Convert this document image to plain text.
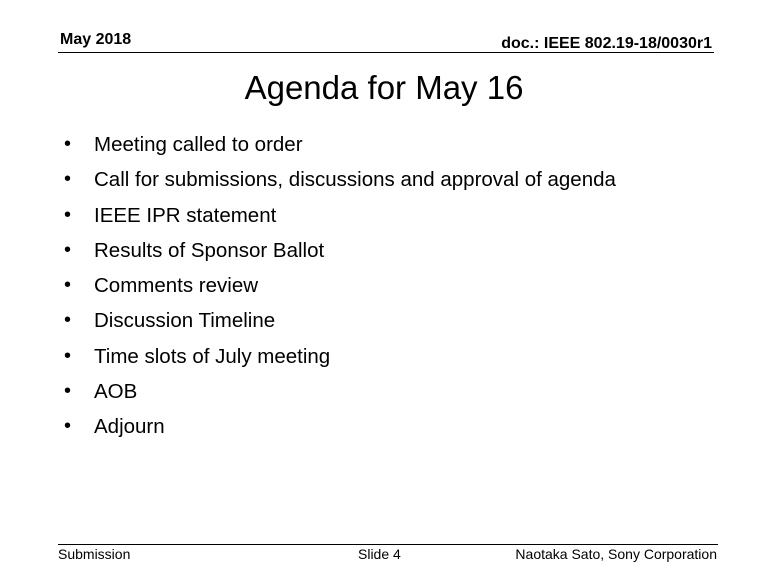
May 2018	doc.: IEEE 802.19-18/0030r1
Agenda for May 16
• Meeting called to order
• Call for submissions, discussions and approval of agenda
• IEEE IPR statement
• Results of Sponsor Ballot
• Comments review
• Discussion Timeline
• Time slots of July meeting
• AOB
• Adjourn
Submission	Slide 4	Naotaka Sato, Sony Corporation
